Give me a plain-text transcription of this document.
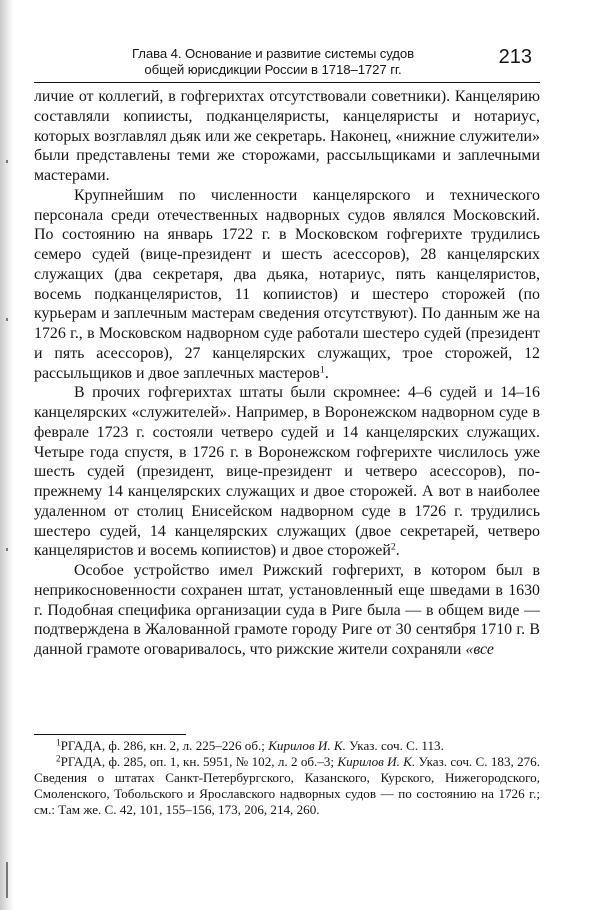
Глава 4. Основание и развитие системы судов
общей юрисдикции России в 1718–1727 гг.
213

личие от коллегий, в гофгерихтах отсутствовали советники). Канцелярию составляли копиисты, подканцеляристы, канцеляристы и нотариус, которых возглавлял дьяк или же секретарь. Наконец, «нижние служители» были представлены теми же сторожами, рассыльщиками и заплечными мастерами.

Крупнейшим по численности канцелярского и технического персонала среди отечественных надворных судов являлся Московский. По состоянию на январь 1722 г. в Московском гофгерихте трудились семеро судей (вице-президент и шесть асессоров), 28 канцелярских служащих (два секретаря, два дьяка, нотариус, пять канцеляристов, восемь подканцеляристов, 11 копиистов) и шестеро сторожей (по курьерам и заплечным мастерам сведения отсутствуют). По данным же на 1726 г., в Московском надворном суде работали шестеро судей (президент и пять асессоров), 27 канцелярских служащих, трое сторожей, 12 рассыльщиков и двое заплечных мастеров$^1$.

В прочих гофгерихтах штаты были скромнее: 4–6 судей и 14–16 канцелярских «служителей». Например, в Воронежском надворном суде в феврале 1723 г. состояли четверо судей и 14 канцелярских служащих. Четыре года спустя, в 1726 г. в Воронежском гофгерихте числилось уже шесть судей (президент, вице-президент и четверо асессоров), по-прежнему 14 канцелярских служащих и двое сторожей. А вот в наиболее удаленном от столиц Енисейском надворном суде в 1726 г. трудились шестеро судей, 14 канцелярских служащих (двое секретарей, четверо канцеляристов и восемь копиистов) и двое сторожей$^2$.

Особое устройство имел Рижский гофгерихт, в котором был в неприкосновенности сохранен штат, установленный еще шведами в 1630 г. Подобная специфика организации суда в Риге была — в общем виде — подтверждена в Жалованной грамоте городу Риге от 30 сентября 1710 г. В данной грамоте оговаривалось, что рижские жители сохраняли «все

$^1$РГАДА, ф. 286, кн. 2, л. 225–226 об.; Кирилов И. К. Указ. соч. С. 113.

$^2$РГАДА, ф. 285, оп. 1, кн. 5951, № 102, л. 2 об.–3; Кирилов И. К. Указ. соч. С. 183, 276. Сведения о штатах Санкт-Петербургского, Казанского, Курского, Нижегородского, Смоленского, Тобольского и Ярославского надворных судов — по состоянию на 1726 г.; см.: Там же. С. 42, 101, 155–156, 173, 206, 214, 260.
